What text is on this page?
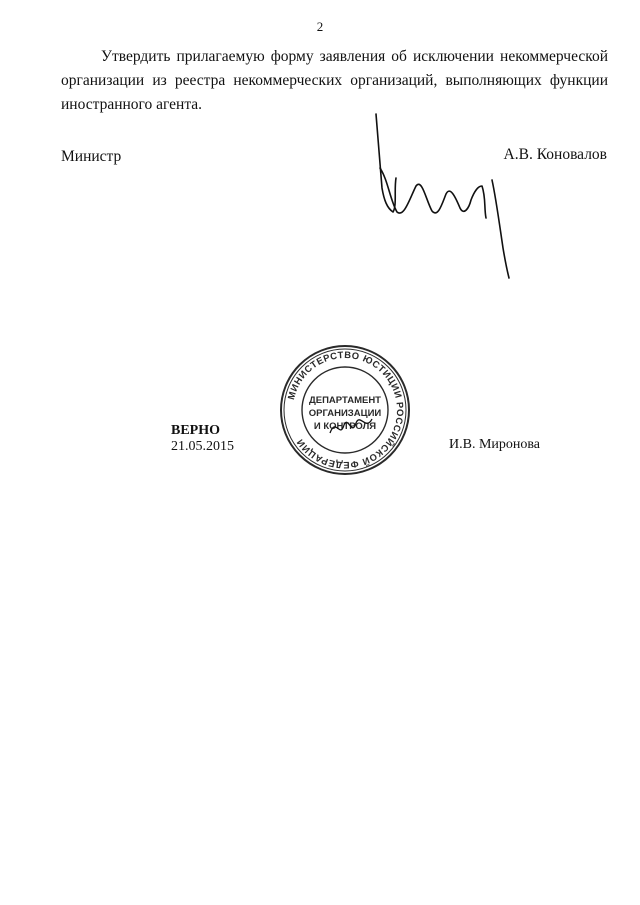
2

Утвердить прилагаемую форму заявления об исключении некоммерческой организации из реестра некоммерческих организаций, выполняющих функции иностранного агента.

Министр	А.В. Коновалов
МИНИСТЕРСТВО ЮСТИЦИИ РОССИЙСКОЙ ФЕДЕРАЦИИ
ДЕПАРТАМЕНТ
ОРГАНИЗАЦИИ
И КОНТРОЛЯ
ВЕРНО
21.05.2015	И.В. Миронова
